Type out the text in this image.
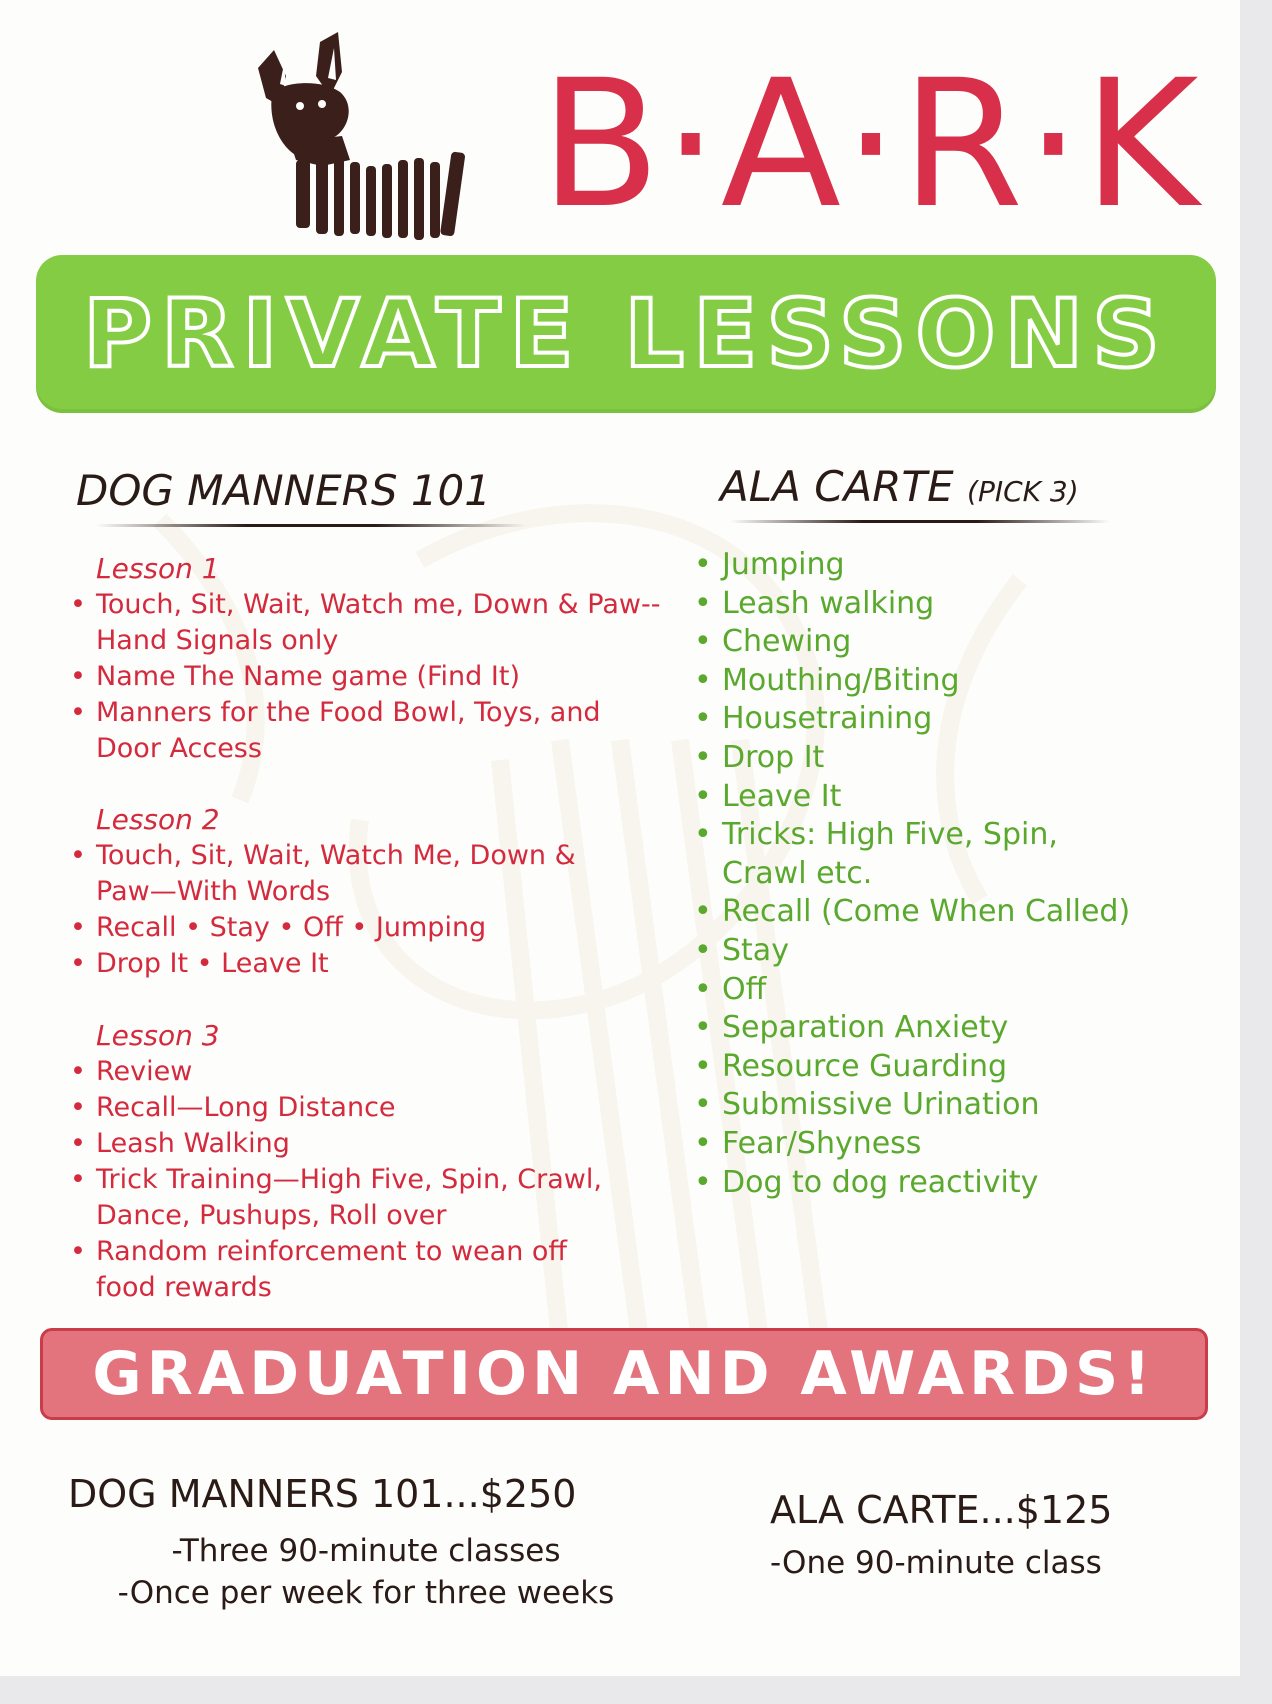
B·A·R·K
PRIVATE LESSONS
DOG MANNERS 101	ALA CARTE (PICK 3)
Lesson 1
• Touch, Sit, Wait, Watch me, Down & Paw-- Hand Signals only
• Name The Name game (Find It)
• Manners for the Food Bowl, Toys, and Door Access
Lesson 2
• Touch, Sit, Wait, Watch Me, Down & Paw—With Words
• Recall • Stay • Off • Jumping
• Drop It • Leave It
Lesson 3
• Review
• Recall—Long Distance
• Leash Walking
• Trick Training—High Five, Spin, Crawl, Dance, Pushups, Roll over
• Random reinforcement to wean off food rewards
• Jumping
• Leash walking
• Chewing
• Mouthing/Biting
• Housetraining
• Drop It
• Leave It
• Tricks: High Five, Spin, Crawl etc.
• Recall (Come When Called)
• Stay
• Off
• Separation Anxiety
• Resource Guarding
• Submissive Urination
• Fear/Shyness
• Dog to dog reactivity
GRADUATION AND AWARDS!
DOG MANNERS 101...$250
-Three 90-minute classes
-Once per week for three weeks
ALA CARTE...$125
-One 90-minute class
